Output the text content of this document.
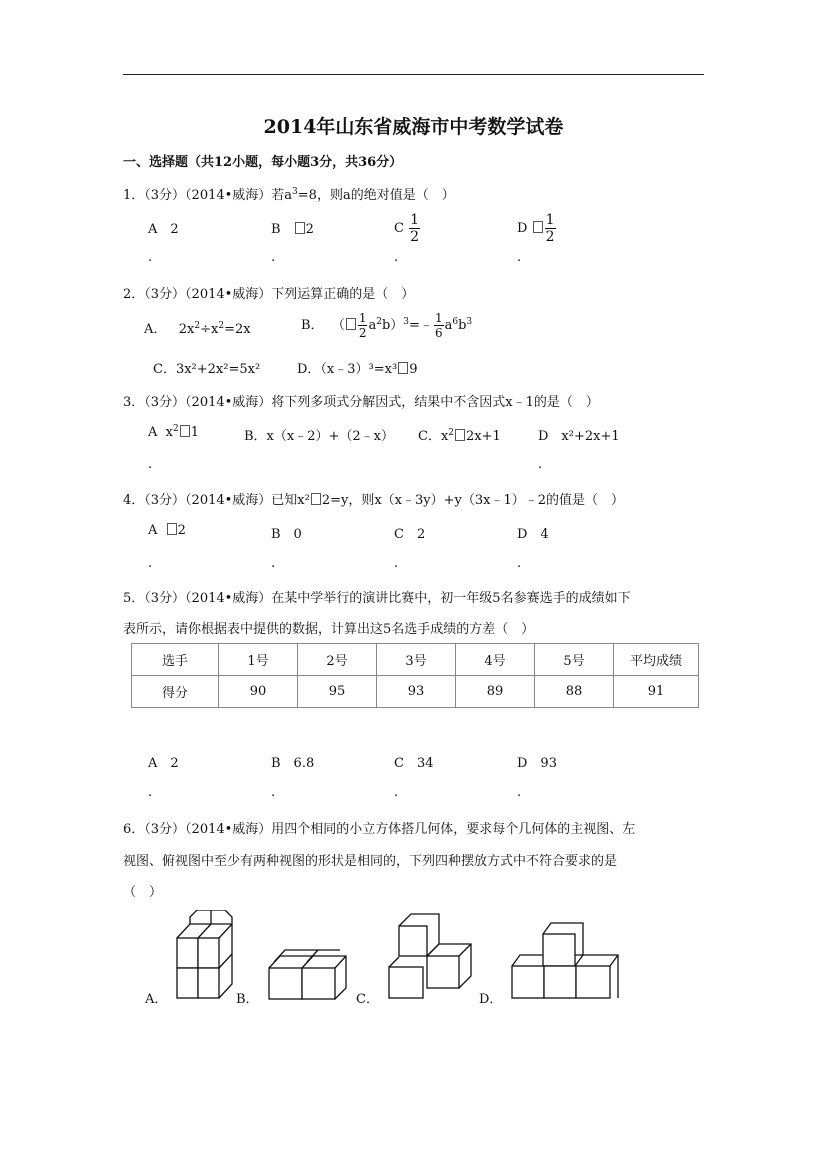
2014年山东省威海市中考数学试卷
一、选择题（共12小题，每小题3分，共36分）
1．（3分）（2014•威海）若$a^3=8$，则a的绝对值是（　）
A　2	B　 2	C $\frac{1}{2}$	D $\frac{1}{2}$
.	.	.	.
2．（3分）（2014•威海）下列运算正确的是（　）
A．   $2x^2\div x^2=2x$	B．  （ $\frac{1}{2}$ $a^2b)^3=﹣ \frac{1}{6} a^6b^3$
C．3x²+2x²=5x²	D．（x﹣3）³=x³ 9
3．（3分）（2014•威海）将下列多项式分解因式，结果中不含因式x﹣1的是（　）
A  $x^2$ 1	B．x（x﹣2）+（2﹣x） C．$x^2$ 2x+1	D　x²+2x+1
.	.
4．（3分）（2014•威海）已知x² 2=y，则x（x﹣3y）+y（3x﹣1）﹣2的值是（　）
A 2	B　0	C　2	D　4
.	.	.	.
5．（3分）（2014•威海）在某中学举行的演讲比赛中，初一年级5名参赛选手的成绩如下
表所示，请你根据表中提供的数据，计算出这5名选手成绩的方差（　）
选手	1号	2号	3号	4号	5号	平均成绩
得分	90	95	93	89	88	91
A　2	B　6.8	C　34	D　93
.	.	.	.
6．（3分）（2014•威海）用四个相同的小立方体搭几何体，要求每个几何体的主视图、左
视图、俯视图中至少有两种视图的形状是相同的，下列四种摆放方式中不符合要求的是
（　）
A．	B．	C．	D．
